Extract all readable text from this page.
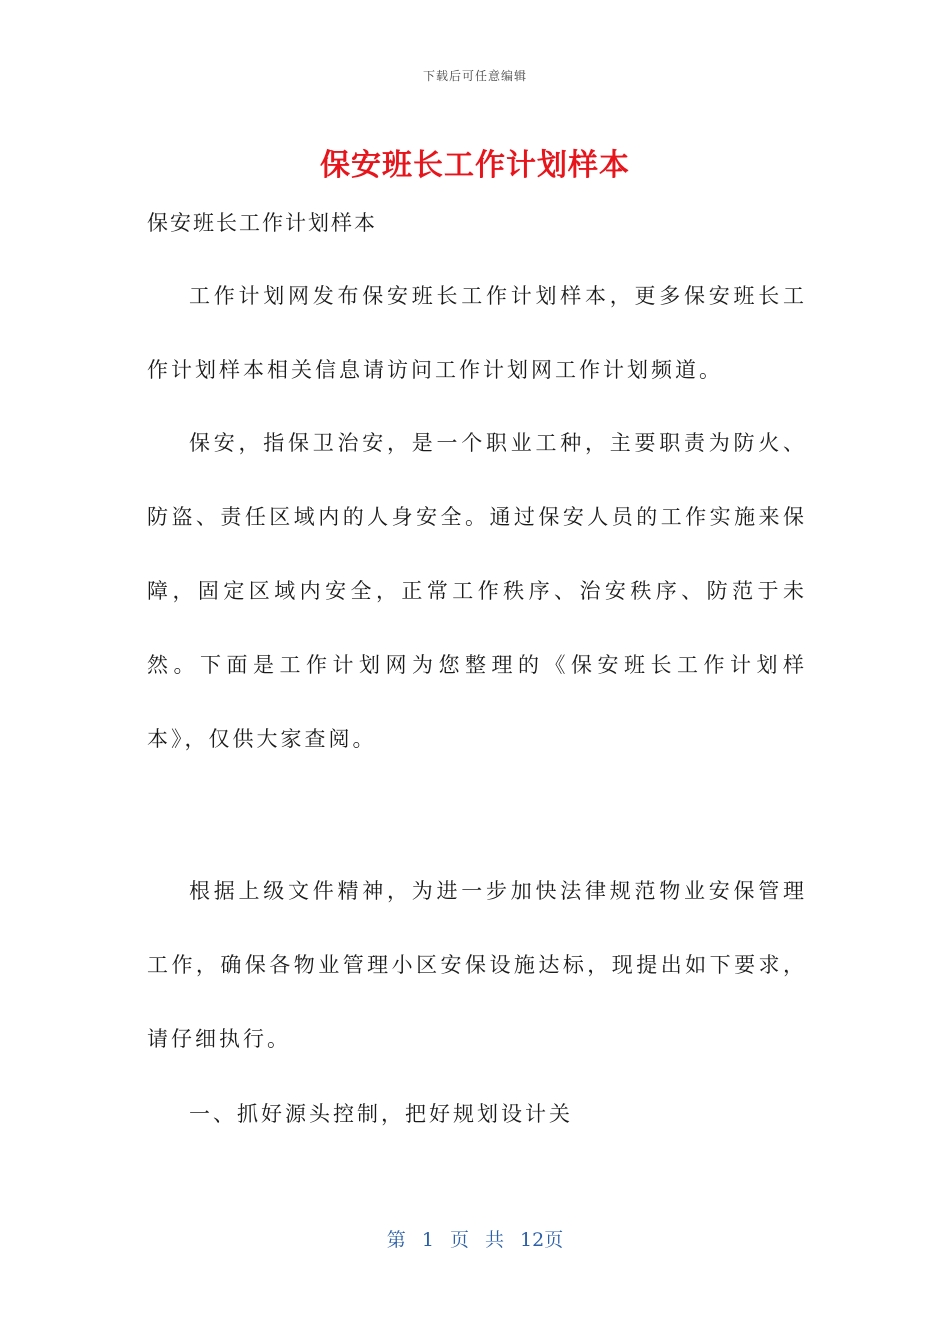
下载后可任意编辑
保安班长工作计划样本
保安班长工作计划样本

工作计划网发布保安班长工作计划样本，更多保安班长工作计划样本相关信息请访问工作计划网工作计划频道。

保安，指保卫治安，是一个职业工种，主要职责为防火、防盗、责任区域内的人身安全。通过保安人员的工作实施来保障，固定区域内安全，正常工作秩序、治安秩序、防范于未然。下面是工作计划网为您整理的《保安班长工作计划样本》，仅供大家查阅。

根据上级文件精神，为进一步加快法律规范物业安保管理工作，确保各物业管理小区安保设施达标，现提出如下要求，请仔细执行。

一、抓好源头控制，把好规划设计关

第 1 页 共 12页
